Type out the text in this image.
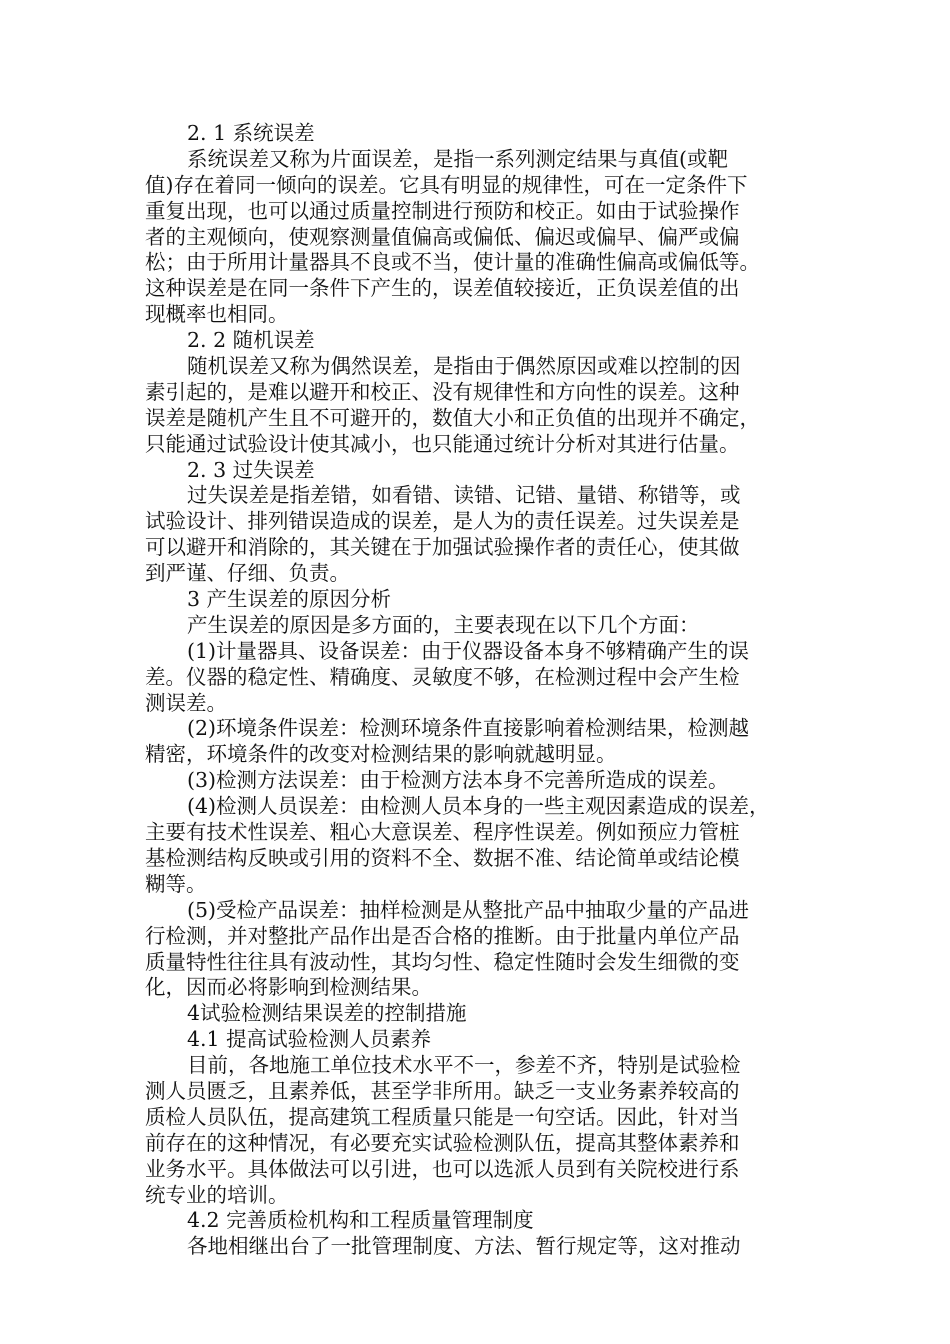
2. 1 系统误差
系统误差又称为片面误差，是指一系列测定结果与真值(或靶
值)存在着同一倾向的误差。它具有明显的规律性，可在一定条件下
重复出现，也可以通过质量控制进行预防和校正。如由于试验操作
者的主观倾向，使观察测量值偏高或偏低、偏迟或偏早、偏严或偏
松；由于所用计量器具不良或不当，使计量的准确性偏高或偏低等。
这种误差是在同一条件下产生的，误差值较接近，正负误差值的出
现概率也相同。
2. 2 随机误差
随机误差又称为偶然误差，是指由于偶然原因或难以控制的因
素引起的，是难以避开和校正、没有规律性和方向性的误差。这种
误差是随机产生且不可避开的，数值大小和正负值的出现并不确定，
只能通过试验设计使其减小，也只能通过统计分析对其进行估量。
2. 3 过失误差
过失误差是指差错，如看错、读错、记错、量错、称错等，或
试验设计、排列错误造成的误差，是人为的责任误差。过失误差是
可以避开和消除的，其关键在于加强试验操作者的责任心，使其做
到严谨、仔细、负责。
3 产生误差的原因分析
产生误差的原因是多方面的，主要表现在以下几个方面：
(1)计量器具、设备误差：由于仪器设备本身不够精确产生的误
差。仪器的稳定性、精确度、灵敏度不够，在检测过程中会产生检
测误差。
(2)环境条件误差：检测环境条件直接影响着检测结果，检测越
精密，环境条件的改变对检测结果的影响就越明显。
(3)检测方法误差：由于检测方法本身不完善所造成的误差。
(4)检测人员误差：由检测人员本身的一些主观因素造成的误差，
主要有技术性误差、粗心大意误差、程序性误差。例如预应力管桩
基检测结构反映或引用的资料不全、数据不准、结论简单或结论模
糊等。
(5)受检产品误差：抽样检测是从整批产品中抽取少量的产品进
行检测，并对整批产品作出是否合格的推断。由于批量内单位产品
质量特性往往具有波动性，其均匀性、稳定性随时会发生细微的变
化，因而必将影响到检测结果。
4试验检测结果误差的控制措施
4.1 提高试验检测人员素养
目前，各地施工单位技术水平不一，参差不齐，特别是试验检
测人员匮乏，且素养低，甚至学非所用。缺乏一支业务素养较高的
质检人员队伍，提高建筑工程质量只能是一句空话。因此，针对当
前存在的这种情况，有必要充实试验检测队伍，提高其整体素养和
业务水平。具体做法可以引进，也可以选派人员到有关院校进行系
统专业的培训。
4.2 完善质检机构和工程质量管理制度
各地相继出台了一批管理制度、方法、暂行规定等，这对推动
